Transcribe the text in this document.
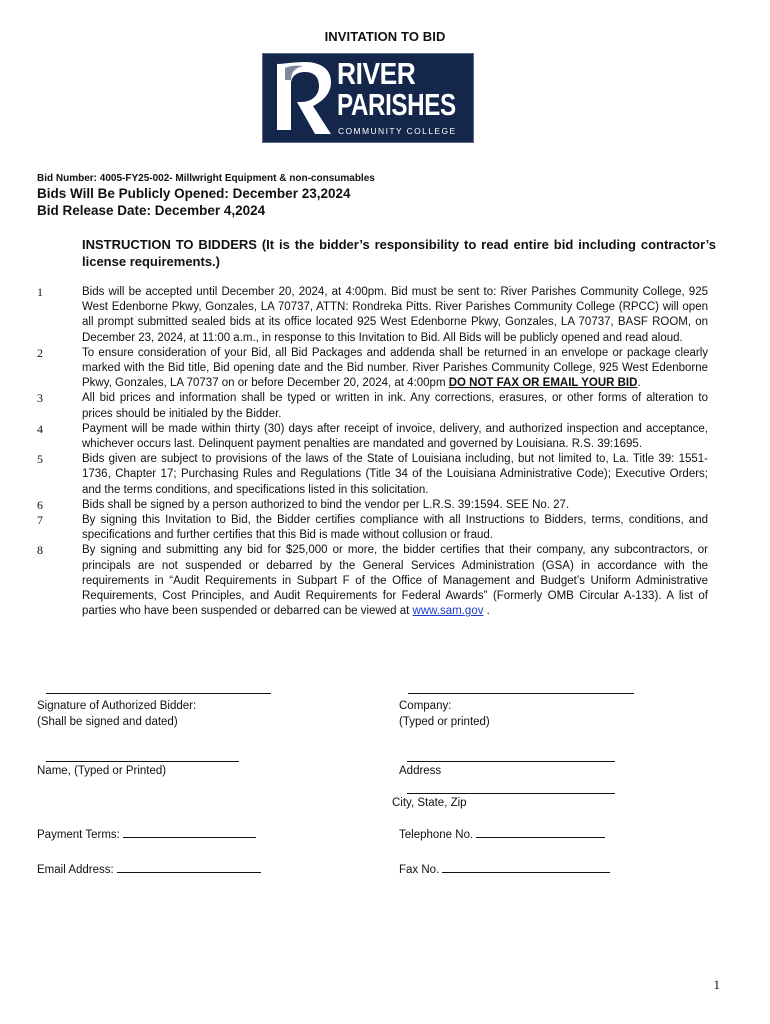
INVITATION TO BID
RIVER
PARISHES
COMMUNITY COLLEGE
Bid Number: 4005-FY25-002- Millwright Equipment & non-consumables
Bids Will Be Publicly Opened: December 23,2024
Bid Release Date: December 4,2024
INSTRUCTION TO BIDDERS (It is the bidder’s responsibility to read entire bid including contractor’s license requirements.)
1	Bids will be accepted until December 20, 2024, at 4:00pm. Bid must be sent to: River Parishes Community College, 925 West Edenborne Pkwy, Gonzales, LA 70737, ATTN: Rondreka Pitts. River Parishes Community College (RPCC) will open all prompt submitted sealed bids at its office located 925 West Edenborne Pkwy, Gonzales, LA 70737, BASF ROOM, on December 23, 2024, at 11:00 a.m., in response to this Invitation to Bid. All Bids will be publicly opened and read aloud.
2	To ensure consideration of your Bid, all Bid Packages and addenda shall be returned in an envelope or package clearly marked with the Bid title, Bid opening date and the Bid number. River Parishes Community College, 925 West Edenborne Pkwy, Gonzales, LA 70737 on or before December 20, 2024, at 4:00pm DO NOT FAX OR EMAIL YOUR BID.
3	All bid prices and information shall be typed or written in ink. Any corrections, erasures, or other forms of alteration to prices should be initialed by the Bidder.
4	Payment will be made within thirty (30) days after receipt of invoice, delivery, and authorized inspection and acceptance, whichever occurs last. Delinquent payment penalties are mandated and governed by Louisiana. R.S. 39:1695.
5	Bids given are subject to provisions of the laws of the State of Louisiana including, but not limited to, La. Title 39: 1551-1736, Chapter 17; Purchasing Rules and Regulations (Title 34 of the Louisiana Administrative Code); Executive Orders; and the terms conditions, and specifications listed in this solicitation.
6	Bids shall be signed by a person authorized to bind the vendor per L.R.S. 39:1594. SEE No. 27.
7	By signing this Invitation to Bid, the Bidder certifies compliance with all Instructions to Bidders, terms, conditions, and specifications and further certifies that this Bid is made without collusion or fraud.
8	By signing and submitting any bid for $25,000 or more, the bidder certifies that their company, any subcontractors, or principals are not suspended or debarred by the General Services Administration (GSA) in accordance with the requirements in “Audit Requirements in Subpart F of the Office of Management and Budget’s Uniform Administrative Requirements, Cost Principles, and Audit Requirements for Federal Awards” (Formerly OMB Circular A-133). A list of parties who have been suspended or debarred can be viewed at www.sam.gov .
Signature of Authorized Bidder:
(Shall be signed and dated)
Company:
(Typed or printed)
Name, (Typed or Printed)	Address
City, State, Zip
Payment Terms:	Telephone No.
Email Address:	Fax No.
1
